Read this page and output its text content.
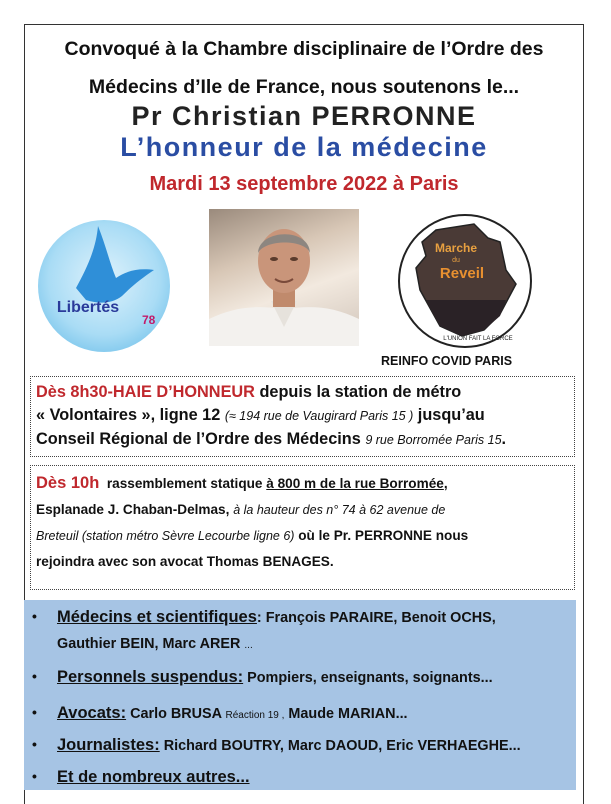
Convoqué à la Chambre disciplinaire de l’Ordre des
Médecins d’Ile de France, nous soutenons le...
Pr Christian PERRONNE
L’honneur de la médecine
Mardi 13 septembre 2022 à Paris
Libertés
78
Marche
du
Reveil
L'UNION FAIT LA FORCE
REINFO COVID PARIS
Dès 8h30-HAIE D’HONNEUR depuis la station de métro
« Volontaires », ligne 12 (≈ 194 rue de Vaugirard Paris 15 ) jusqu’au
Conseil Régional de l’Ordre des Médecins 9 rue Borromée Paris 15.
Dès 10h  rassemblement statique à 800 m de la rue Borromée,
Esplanade J. Chaban-Delmas, à la hauteur des n° 74 à 62 avenue de
Breteuil (station métro Sèvre Lecourbe ligne 6) où le Pr. PERRONNE nous
rejoindra avec son avocat Thomas BENAGES.
• Médecins et scientifiques: François PARAIRE, Benoit OCHS,
Gauthier BEIN, Marc ARER ...
• Personnels suspendus: Pompiers, enseignants, soignants...
• Avocats: Carlo BRUSA Réaction 19 , Maude MARIAN...
• Journalistes: Richard BOUTRY, Marc DAOUD, Eric VERHAEGHE...
• Et de nombreux autres...
